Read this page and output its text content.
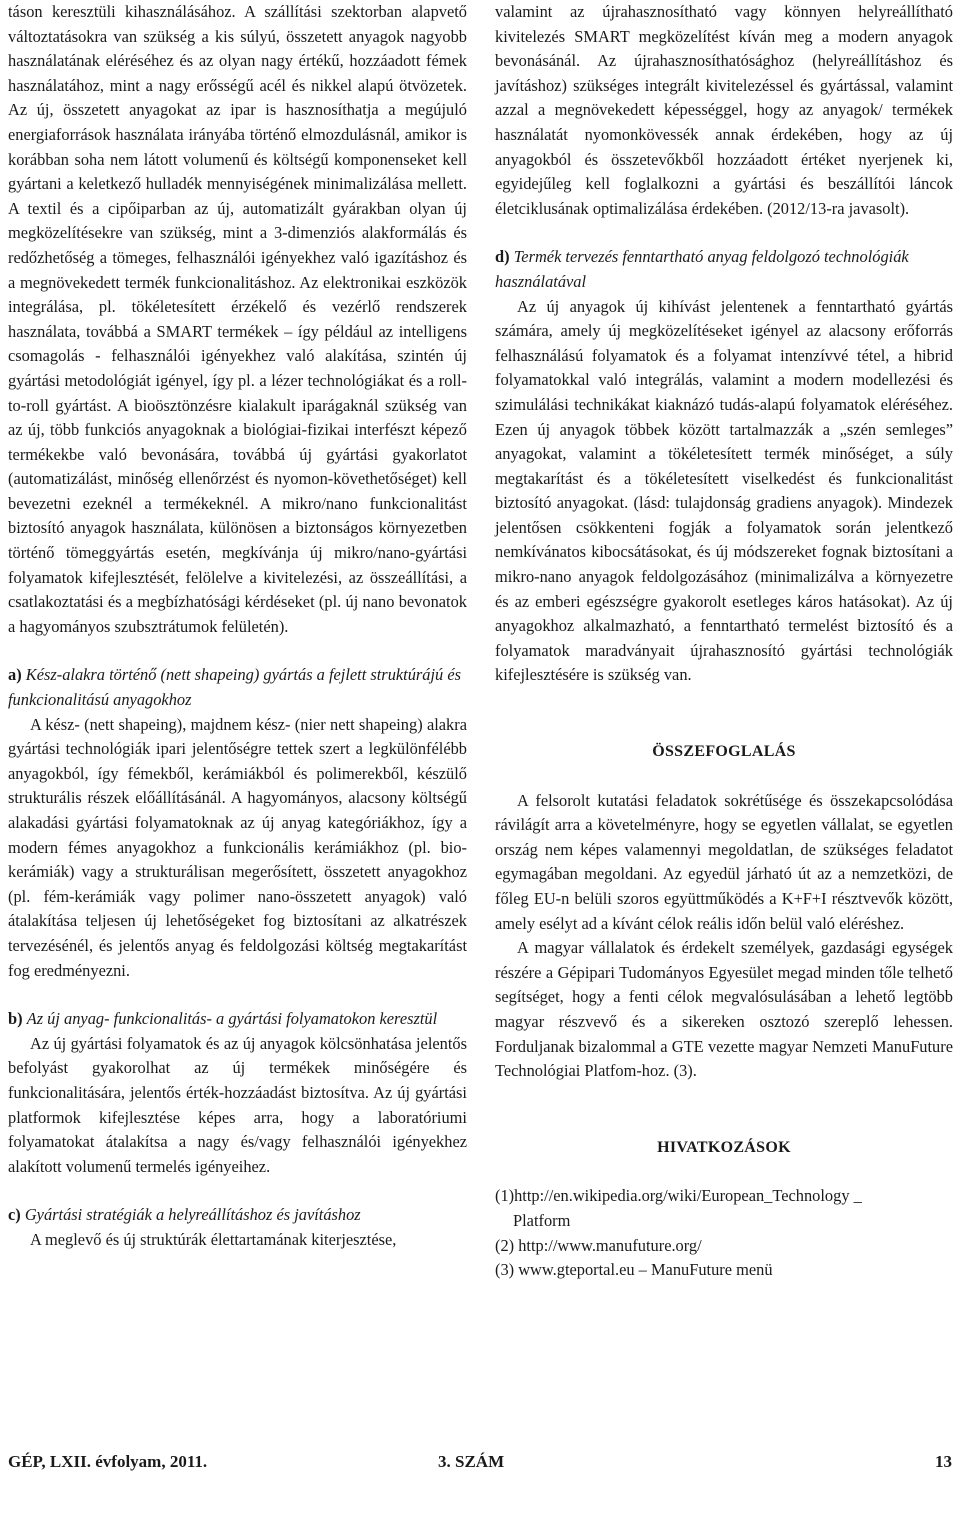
táson keresztüli kihasználásához. A szállítási szektorban alapvető változtatásokra van szükség a kis súlyú, összetett anyagok nagyobb használatának eléréséhez és az olyan nagy értékű, hozzáadott fémek használatához, mint a nagy erősségű acél és nikkel alapú ötvözetek. Az új, összetett anyagokat az ipar is hasznosíthatja a megújuló energiaforrások használata irányába történő elmozdulásnál, amikor is korábban soha nem látott volumenű és költségű komponenseket kell gyártani a keletkező hulladék mennyiségének minimalizálása mellett. A textil és a cipőiparban az új, automatizált gyárakban olyan új megközelítésekre van szükség, mint a 3-dimenziós alakformálás és redőzhetőség a tömeges, felhasználói igényekhez való igazításhoz és a megnövekedett termék funkcionalitáshoz. Az elektronikai eszközök integrálása, pl. tökéletesített érzékelő és vezérlő rendszerek használata, továbbá a SMART termékek – így például az intelligens csomagolás - felhasználói igényekhez való alakítása, szintén új gyártási metodológiát igényel, így pl. a lézer technológiákat és a roll-to-roll gyártást. A bioösztönzésre kialakult iparágaknál szükség van az új, több funkciós anyagoknak a biológiai-fizikai interfészt képező termékekbe való bevonására, továbbá új gyártási gyakorlatot (automatizálást, minőség ellenőrzést és nyomon-követhetőséget) kell bevezetni ezeknél a termékeknél. A mikro/nano funkcionalitást biztosító anyagok használata, különösen a biztonságos környezetben történő tömeggyártás esetén, megkívánja új mikro/nano-gyártási folyamatok kifejlesztését, felölelve a kivitelezési, az összeállítási, a csatlakoztatási és a megbízhatósági kérdéseket (pl. új nano bevonatok a hagyományos szubsztrátumok felületén).

a) Kész-alakra történő (nett shapeing) gyártás a fejlett struktúrájú és funkcionalitású anyagokhoz

A kész- (nett shapeing), majdnem kész- (nier nett shapeing) alakra gyártási technológiák ipari jelentőségre tettek szert a legkülönfélébb anyagokból, így fémekből, kerámiákból és polimerekből, készülő strukturális részek előállításánál. A hagyományos, alacsony költségű alakadási gyártási folyamatoknak az új anyag kategóriákhoz, így a modern fémes anyagokhoz a funkcionális kerámiákhoz (pl. bio-kerámiák) vagy a strukturálisan megerősített, összetett anyagokhoz (pl. fém-kerámiák vagy polimer nano-összetett anyagok) való átalakítása teljesen új lehetőségeket fog biztosítani az alkatrészek tervezésénél, és jelentős anyag és feldolgozási költség megtakarítást fog eredményezni.

b) Az új anyag- funkcionalitás- a gyártási folyamatokon keresztül

Az új gyártási folyamatok és az új anyagok kölcsönhatása jelentős befolyást gyakorolhat az új termékek minőségére és funkcionalitására, jelentős érték-hozzáadást biztosítva. Az új gyártási platformok kifejlesztése képes arra, hogy a laboratóriumi folyamatokat átalakítsa a nagy és/vagy felhasználói igényekhez alakított volumenű termelés igényeihez.

c) Gyártási stratégiák a helyreállításhoz és javításhoz

A meglevő és új struktúrák élettartamának kiterjesztése,

valamint az újrahasznosítható vagy könnyen helyreállítható kivitelezés SMART megközelítést kíván meg a modern anyagok bevonásánál. Az újrahasznosíthatósághoz (helyreállításhoz és javításhoz) szükséges integrált kivitelezéssel és gyártással, valamint azzal a megnövekedett képességgel, hogy az anyagok/ termékek használatát nyomonkövessék annak érdekében, hogy az új anyagokból és összetevőkből hozzáadott értéket nyerjenek ki, egyidejűleg kell foglalkozni a gyártási és beszállítói láncok életciklusának optimalizálása érdekében. (2012/13-ra javasolt).

d) Termék tervezés fenntartható anyag feldolgozó technológiák használatával

Az új anyagok új kihívást jelentenek a fenntartható gyártás számára, amely új megközelítéseket igényel az alacsony erőforrás felhasználású folyamatok és a folyamat intenzívvé tétel, a hibrid folyamatokkal való integrálás, valamint a modern modellezési és szimulálási technikákat kiaknázó tudás-alapú folyamatok eléréséhez. Ezen új anyagok többek között tartalmazzák a „szén semleges” anyagokat, valamint a tökéletesített termék minőséget, a súly megtakarítást és a tökéletesített viselkedést és funkcionalitást biztosító anyagokat. (lásd: tulajdonság gradiens anyagok). Mindezek jelentősen csökkenteni fogják a folyamatok során jelentkező nemkívánatos kibocsátásokat, és új módszereket fognak biztosítani a mikro-nano anyagok feldolgozásához (minimalizálva a környezetre és az emberi egészségre gyakorolt esetleges káros hatásokat). Az új anyagokhoz alkalmazható, a fenntartható termelést biztosító és a folyamatok maradványait újrahasznosító gyártási technológiák kifejlesztésére is szükség van.

ÖSSZEFOGLALÁS

A felsorolt kutatási feladatok sokrétűsége és összekapcsolódása rávilágít arra a követelményre, hogy se egyetlen vállalat, se egyetlen ország nem képes valamennyi megoldatlan, de szükséges feladatot egymagában megoldani. Az egyedül járható út az a nemzetközi, de főleg EU-n belüli szoros együttműködés a K+F+I résztvevők között, amely esélyt ad a kívánt célok reális időn belül való eléréshez.

A magyar vállalatok és érdekelt személyek, gazdasági egységek részére a Gépipari Tudományos Egyesület megad minden tőle telhető segítséget, hogy a fenti célok megvalósulásában a lehető legtöbb magyar részvevő és a sikereken osztozó szereplő lehessen. Forduljanak bizalommal a GTE vezette magyar Nemzeti ManuFuture Technológiai Platfom-hoz. (3).

HIVATKOZÁSOK
(1)http://en.wikipedia.org/wiki/European_Technology _
Platform
(2) http://www.manufuture.org/
(3) www.gteportal.eu – ManuFuture menü
GÉP, LXII. évfolyam, 2011.	3. SZÁM	13
